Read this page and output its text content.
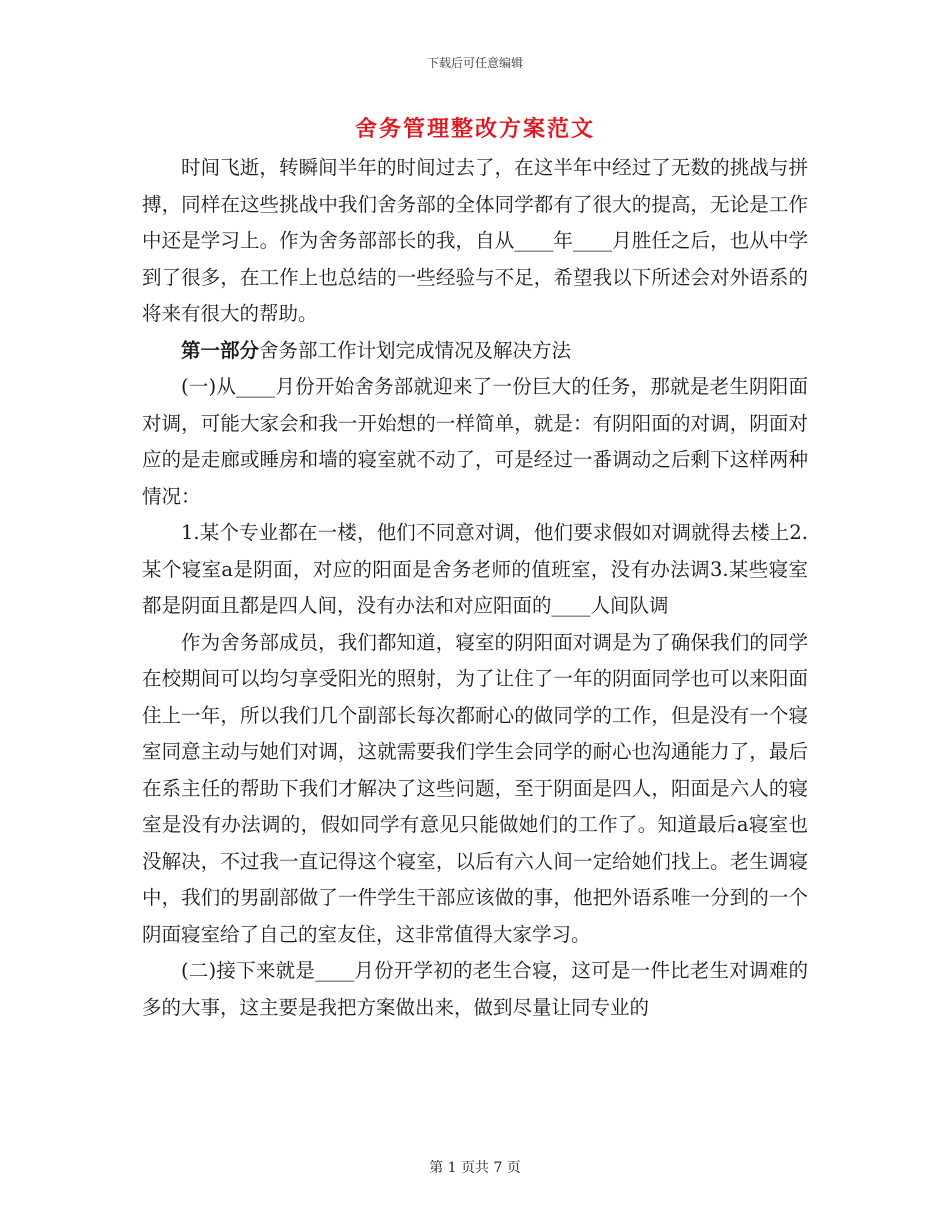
下载后可任意编辑
舍务管理整改方案范文

时间飞逝，转瞬间半年的时间过去了，在这半年中经过了无数的挑战与拼搏，同样在这些挑战中我们舍务部的全体同学都有了很大的提高，无论是工作中还是学习上。作为舍务部部长的我，自从____年____月胜任之后，也从中学到了很多，在工作上也总结的一些经验与不足，希望我以下所述会对外语系的将来有很大的帮助。

第一部分舍务部工作计划完成情况及解决方法

(一)从____月份开始舍务部就迎来了一份巨大的任务，那就是老生阴阳面对调，可能大家会和我一开始想的一样简单，就是：有阴阳面的对调，阴面对应的是走廊或睡房和墙的寝室就不动了，可是经过一番调动之后剩下这样两种情况：

1.某个专业都在一楼，他们不同意对调，他们要求假如对调就得去楼上2.某个寝室a是阴面，对应的阳面是舍务老师的值班室，没有办法调3.某些寝室都是阴面且都是四人间，没有办法和对应阳面的____人间队调

作为舍务部成员，我们都知道，寝室的阴阳面对调是为了确保我们的同学在校期间可以均匀享受阳光的照射，为了让住了一年的阴面同学也可以来阳面住上一年，所以我们几个副部长每次都耐心的做同学的工作，但是没有一个寝室同意主动与她们对调，这就需要我们学生会同学的耐心也沟通能力了，最后在系主任的帮助下我们才解决了这些问题，至于阴面是四人，阳面是六人的寝室是没有办法调的，假如同学有意见只能做她们的工作了。知道最后a寝室也没解决，不过我一直记得这个寝室，以后有六人间一定给她们找上。老生调寝中，我们的男副部做了一件学生干部应该做的事，他把外语系唯一分到的一个阴面寝室给了自己的室友住，这非常值得大家学习。

(二)接下来就是____月份开学初的老生合寝，这可是一件比老生对调难的多的大事，这主要是我把方案做出来，做到尽量让同专业的

第 1 页共 7 页
